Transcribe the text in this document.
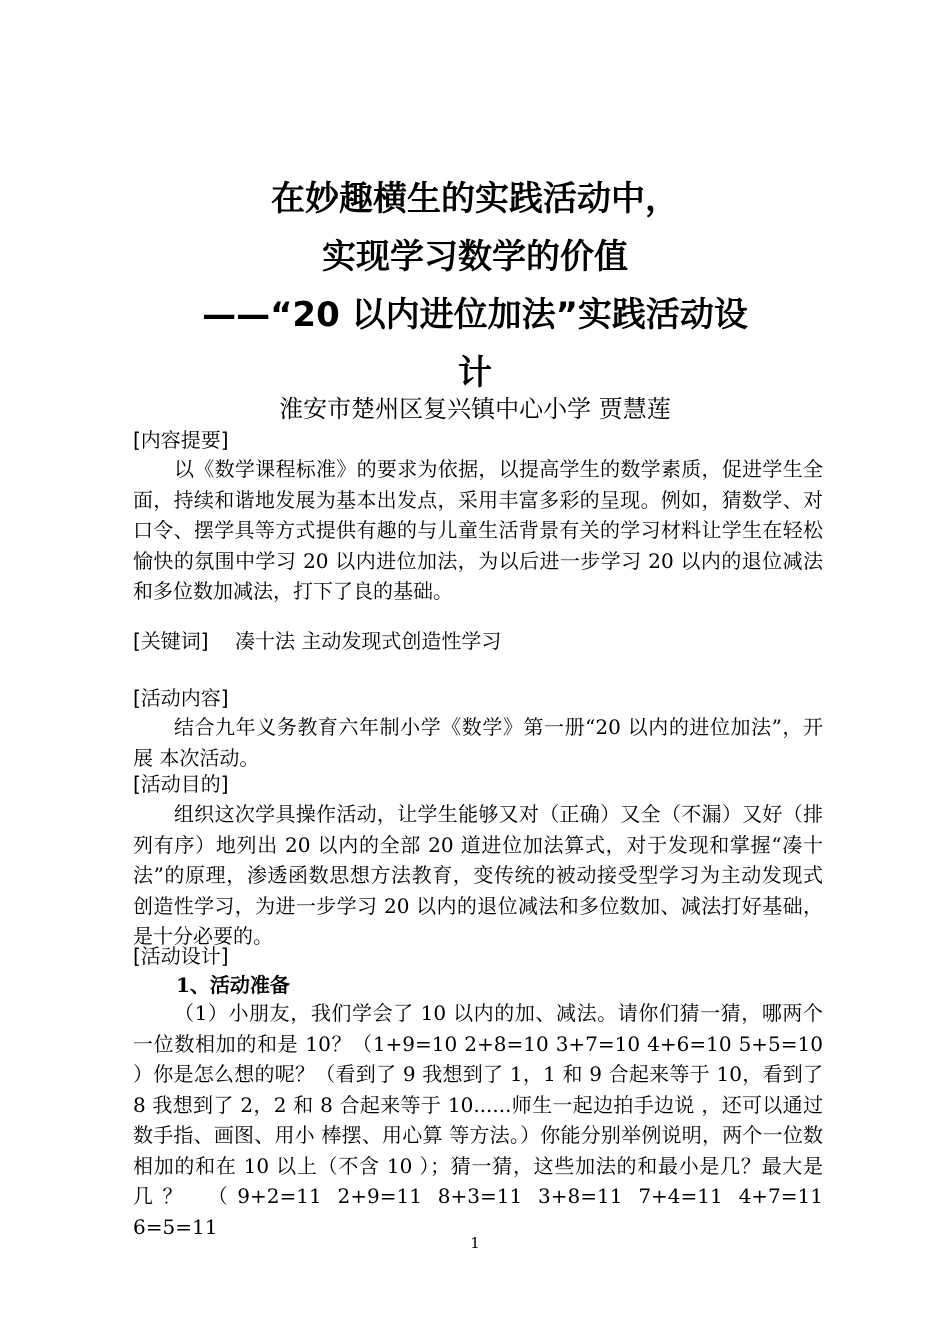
在妙趣横生的实践活动中，
实现学习数学的价值
——“20 以内进位加法”实践活动设
计
淮安市楚州区复兴镇中心小学 贾慧莲
[内容提要]
以《数学课程标准》的要求为依据，以提高学生的数学素质，促进学生全面，持续和谐地发展为基本出发点，采用丰富多彩的呈现。例如，猜数学、对口令、摆学具等方式提供有趣的与儿童生活背景有关的学习材料让学生在轻松愉快的氛围中学习 20 以内进位加法，为以后进一步学习 20 以内的退位减法和多位数加减法，打下了良的基础。
[关键词] 凑十法 主动发现式创造性学习
[活动内容]
结合九年义务教育六年制小学《数学》第一册“20 以内的进位加法”，开展 本次活动。
[活动目的]
组织这次学具操作活动，让学生能够又对（正确）又全（不漏）又好（排列有序）地列出 20 以内的全部 20 道进位加法算式，对于发现和掌握“凑十法”的原理，渗透函数思想方法教育，变传统的被动接受型学习为主动发现式创造性学习，为进一步学习 20 以内的退位减法和多位数加、减法打好基础，是十分必要的。
[活动设计]
1、活动准备
（1）小朋友，我们学会了 10 以内的加、减法。请你们猜一猜，哪两个一位数相加的和是 10？（1+9=10 2+8=10 3+7=10 4+6=10 5+5=10 ）你是怎么想的呢？（看到了 9 我想到了 1，1 和 9 合起来等于 10，看到了 8 我想到了 2，2 和 8 合起来等于 10......师生一起边拍手边说 ，还可以通过数手指、画图、用小 棒摆、用心算 等方法。）你能分别举例说明，两个一位数相加的和在 10 以上（不含 10 ）；猜一猜，这些加法的和最小是几？最大是 几？ （9+2=11 2+9=11 8+3=11 3+8=11 7+4=11 4+7=11 6=5=11
1
